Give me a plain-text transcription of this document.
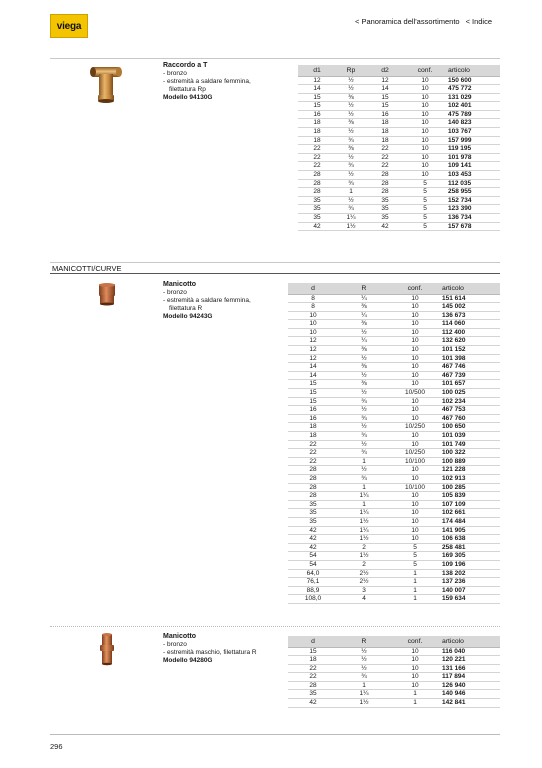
viega	< Panoramica dell'assortimento < Indice
Raccordo a T
- bronzo
- estremità a saldare femmina, filettatura Rp
Modello 94130G
d1	Rp	d2	conf.	articolo
12	½	12	10	150 600
14	½	14	10	475 772
15	⅜	15	10	131 029
15	½	15	10	102 401
16	½	16	10	475 789
18	⅜	18	10	140 823
18	½	18	10	103 767
18	¾	18	10	157 999
22	⅜	22	10	119 195
22	½	22	10	101 978
22	¾	22	10	109 141
28	½	28	10	103 453
28	¾	28	5	112 035
28	1	28	5	258 955
35	½	35	5	152 734
35	¾	35	5	123 390
35	1¼	35	5	136 734
42	1½	42	5	157 678
MANICOTTI/CURVE
Manicotto
- bronzo
- estremità a saldare femmina, filettatura R
Modello 94243G
d	R	conf.	articolo
8	¼	10	151 614
8	⅜	10	145 002
10	¼	10	136 673
10	⅜	10	114 060
10	½	10	112 400
12	¼	10	132 620
12	⅜	10	101 152
12	½	10	101 398
14	⅜	10	467 746
14	½	10	467 739
15	⅜	10	101 657
15	½	10/500	100 025
15	¾	10	102 234
16	½	10	467 753
16	¾	10	467 760
18	½	10/250	100 650
18	¾	10	101 039
22	½	10	101 749
22	¾	10/250	100 322
22	1	10/100	100 889
28	½	10	121 228
28	¾	10	102 913
28	1	10/100	100 285
28	1¼	10	105 839
35	1	10	107 109
35	1¼	10	102 661
35	1½	10	174 484
42	1¼	10	141 905
42	1½	10	106 638
42	2	5	258 481
54	1½	5	169 305
54	2	5	109 196
64,0	2½	1	138 202
76,1	2½	1	137 236
88,9	3	1	140 007
108,0	4	1	159 634
Manicotto
- bronzo
- estremità maschio, filettatura R
Modello 94280G
d	R	conf.	articolo
15	½	10	116 040
18	½	10	120 221
22	½	10	131 166
22	¾	10	117 894
28	1	10	126 940
35	1¼	1	140 946
42	1½	1	142 841
296
